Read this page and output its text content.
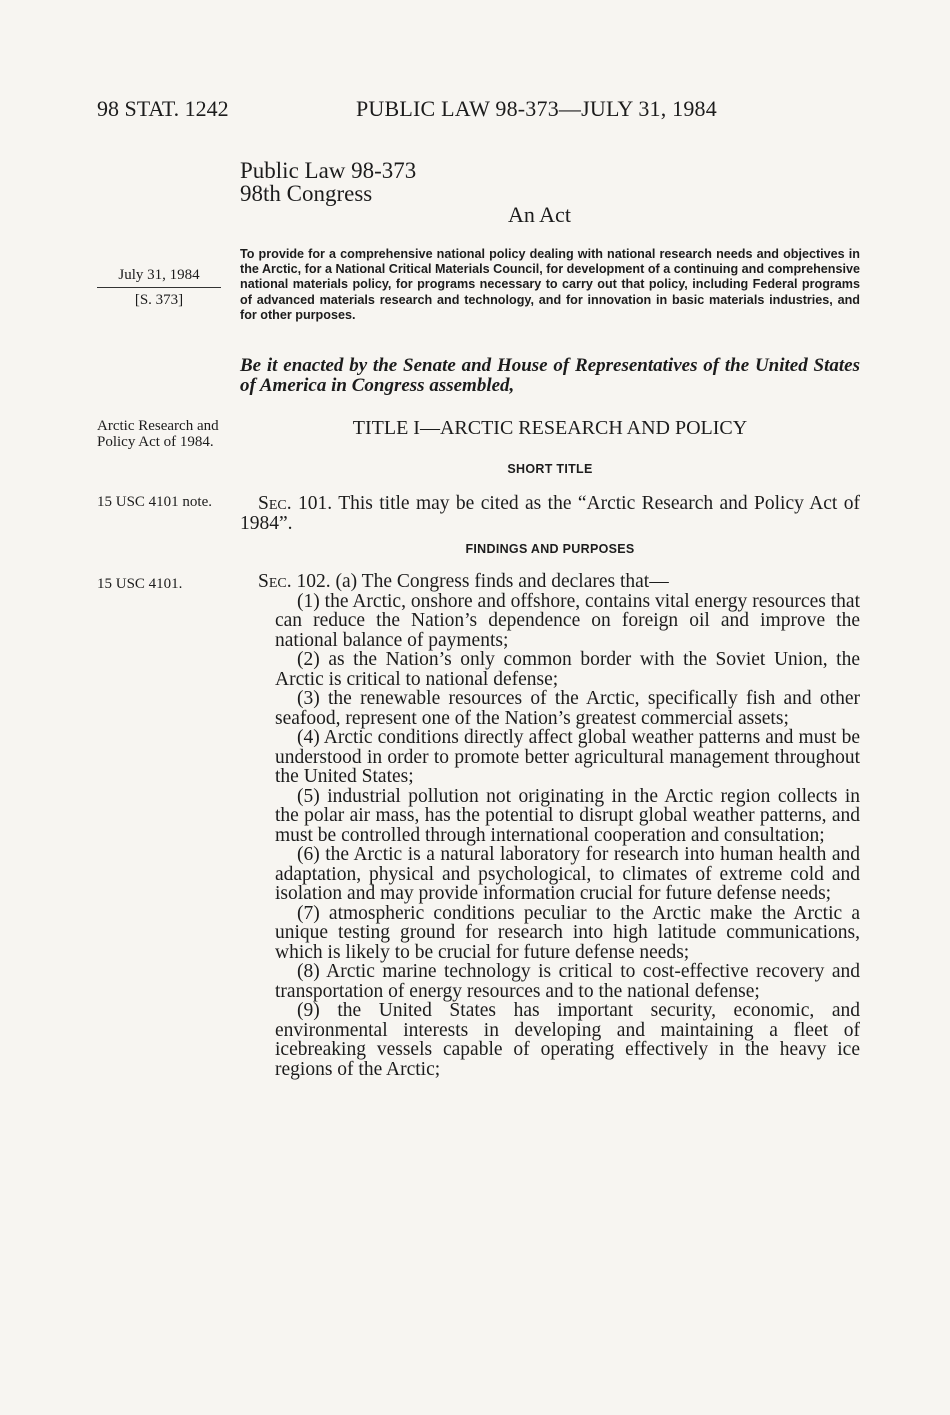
98 STAT. 1242	PUBLIC LAW 98-373—JULY 31, 1984
Public Law 98-373
98th Congress
An Act
July 31, 1984
[S. 373]
To provide for a comprehensive national policy dealing with national research needs and objectives in the Arctic, for a National Critical Materials Council, for development of a continuing and comprehensive national materials policy, for programs necessary to carry out that policy, including Federal programs of advanced materials research and technology, and for innovation in basic materials industries, and for other purposes.
Be it enacted by the Senate and House of Representatives of the United States of America in Congress assembled,
Arctic Research and Policy Act of 1984.
TITLE I—ARCTIC RESEARCH AND POLICY
SHORT TITLE
15 USC 4101 note.	Sec. 101. This title may be cited as the “Arctic Research and Policy Act of 1984”.
FINDINGS AND PURPOSES
15 USC 4101.	Sec. 102. (a) The Congress finds and declares that—
(1) the Arctic, onshore and offshore, contains vital energy resources that can reduce the Nation’s dependence on foreign oil and improve the national balance of payments;
(2) as the Nation’s only common border with the Soviet Union, the Arctic is critical to national defense;
(3) the renewable resources of the Arctic, specifically fish and other seafood, represent one of the Nation’s greatest commercial assets;
(4) Arctic conditions directly affect global weather patterns and must be understood in order to promote better agricultural management throughout the United States;
(5) industrial pollution not originating in the Arctic region collects in the polar air mass, has the potential to disrupt global weather patterns, and must be controlled through international cooperation and consultation;
(6) the Arctic is a natural laboratory for research into human health and adaptation, physical and psychological, to climates of extreme cold and isolation and may provide information crucial for future defense needs;
(7) atmospheric conditions peculiar to the Arctic make the Arctic a unique testing ground for research into high latitude communications, which is likely to be crucial for future defense needs;
(8) Arctic marine technology is critical to cost-effective recovery and transportation of energy resources and to the national defense;
(9) the United States has important security, economic, and environmental interests in developing and maintaining a fleet of icebreaking vessels capable of operating effectively in the heavy ice regions of the Arctic;
